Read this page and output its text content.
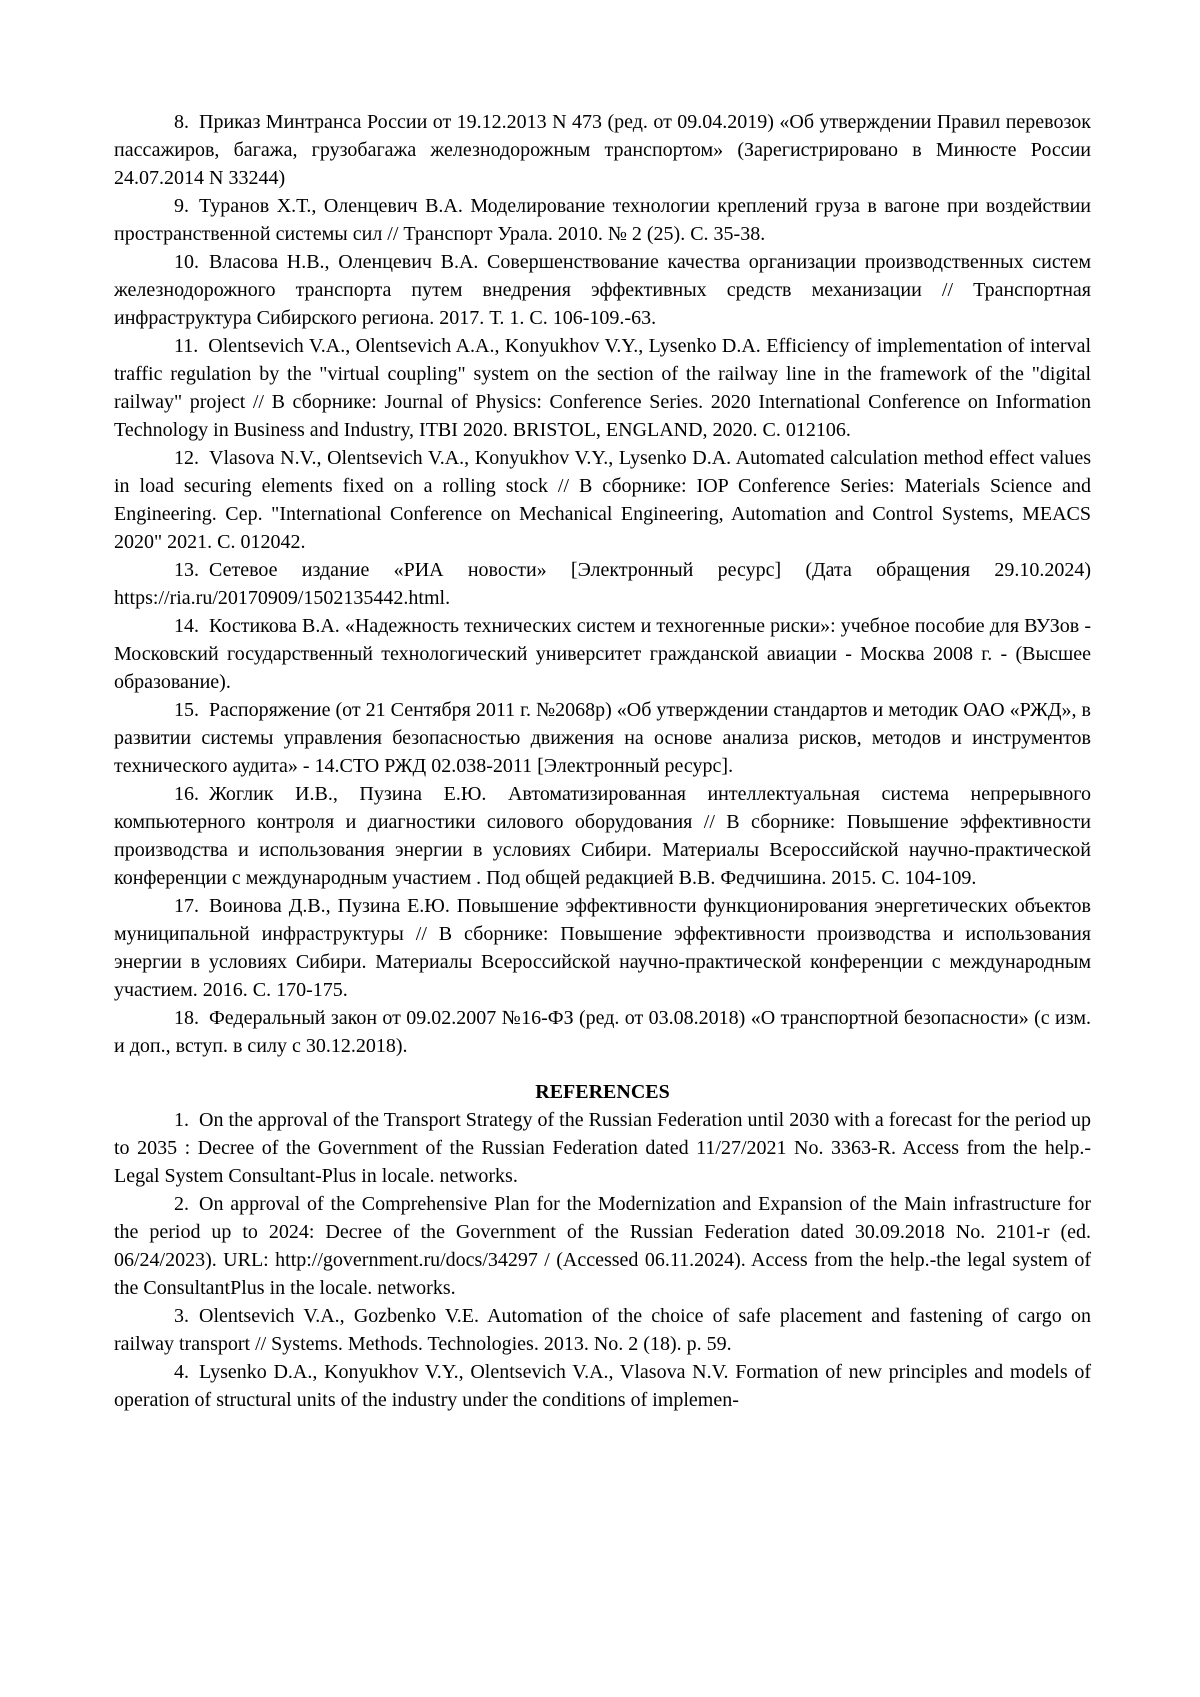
8. Приказ Минтранса России от 19.12.2013 N 473 (ред. от 09.04.2019) «Об утверждении Правил перевозок пассажиров, багажа, грузобагажа железнодорожным транспортом» (Зарегистрировано в Минюсте России 24.07.2014 N 33244)

9. Туранов Х.Т., Оленцевич В.А. Моделирование технологии креплений груза в вагоне при воздействии пространственной системы сил // Транспорт Урала. 2010. № 2 (25). С. 35-38.

10. Власова Н.В., Оленцевич В.А. Совершенствование качества организации производственных систем железнодорожного транспорта путем внедрения эффективных средств механизации // Транспортная инфраструктура Сибирского региона. 2017. Т. 1. С. 106-109.-63.

11. Olentsevich V.A., Olentsevich A.A., Konyukhov V.Y., Lysenko D.A. Efficiency of implementation of interval traffic regulation by the "virtual coupling" system on the section of the railway line in the framework of the "digital railway" project // В сборнике: Journal of Physics: Conference Series. 2020 International Conference on Information Technology in Business and Industry, ITBI 2020. BRISTOL, ENGLAND, 2020. С. 012106.

12. Vlasova N.V., Olentsevich V.A., Konyukhov V.Y., Lysenko D.A. Automated calculation method effect values in load securing elements fixed on a rolling stock // В сборнике: IOP Conference Series: Materials Science and Engineering. Сер. "International Conference on Mechanical Engineering, Automation and Control Systems, MEACS 2020" 2021. С. 012042.

13. Сетевое издание «РИА новости» [Электронный ресурс] (Дата обращения 29.10.2024) https://ria.ru/20170909/1502135442.html.

14. Костикова В.А. «Надежность технических систем и техногенные риски»: учебное пособие для ВУЗов - Московский государственный технологический университет гражданской авиации - Москва 2008 г. - (Высшее образование).

15. Распоряжение (от 21 Сентября 2011 г. №2068р) «Об утверждении стандартов и методик ОАО «РЖД», в развитии системы управления безопасностью движения на основе анализа рисков, методов и инструментов технического аудита» - 14.СТО РЖД 02.038-2011 [Электронный ресурс].

16. Жоглик И.В., Пузина Е.Ю. Автоматизированная интеллектуальная система непрерывного компьютерного контроля и диагностики силового оборудования // В сборнике: Повышение эффективности производства и использования энергии в условиях Сибири. Материалы Всероссийской научно-практической конференции с международным участием . Под общей редакцией В.В. Федчишина. 2015. С. 104-109.

17. Воинова Д.В., Пузина Е.Ю. Повышение эффективности функционирования энергетических объектов муниципальной инфраструктуры // В сборнике: Повышение эффективности производства и использования энергии в условиях Сибири. Материалы Всероссийской научно-практической конференции с международным участием. 2016. С. 170-175.

18. Федеральный закон от 09.02.2007 №16-ФЗ (ред. от 03.08.2018) «О транспортной безопасности» (с изм. и доп., вступ. в силу с 30.12.2018).

REFERENCES

1. On the approval of the Transport Strategy of the Russian Federation until 2030 with a forecast for the period up to 2035 : Decree of the Government of the Russian Federation dated 11/27/2021 No. 3363-R. Access from the help.-Legal System Consultant-Plus in locale. networks.

2. On approval of the Comprehensive Plan for the Modernization and Expansion of the Main infrastructure for the period up to 2024: Decree of the Government of the Russian Federation dated 30.09.2018 No. 2101-r (ed. 06/24/2023). URL: http://government.ru/docs/34297 / (Accessed 06.11.2024). Access from the help.-the legal system of the ConsultantPlus in the locale. networks.

3. Olentsevich V.A., Gozbenko V.E. Automation of the choice of safe placement and fastening of cargo on railway transport // Systems. Methods. Technologies. 2013. No. 2 (18). p. 59.

4. Lysenko D.A., Konyukhov V.Y., Olentsevich V.A., Vlasova N.V. Formation of new principles and models of operation of structural units of the industry under the conditions of implemen-
